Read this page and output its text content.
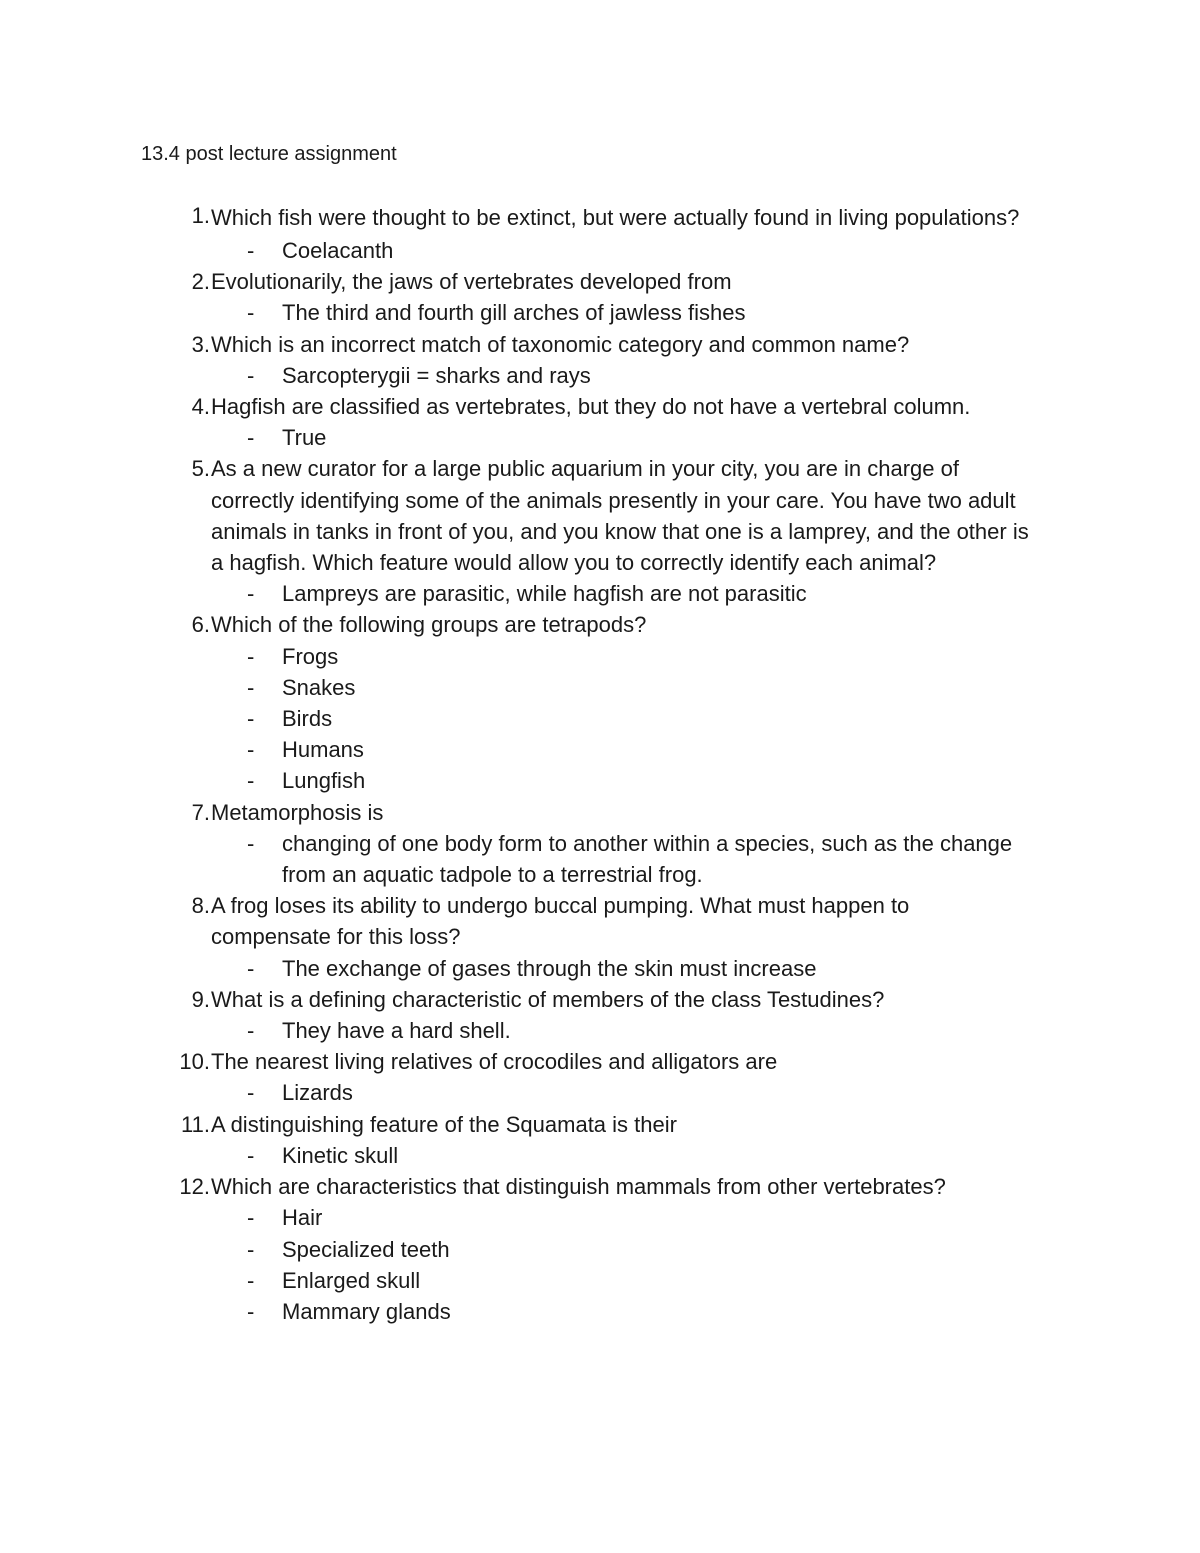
13.4 post lecture assignment
1. Which fish were thought to be extinct, but were actually found in living populations?
- Coelacanth
2. Evolutionarily, the jaws of vertebrates developed from
- The third and fourth gill arches of jawless fishes
3. Which is an incorrect match of taxonomic category and common name?
- Sarcopterygii = sharks and rays
4. Hagfish are classified as vertebrates, but they do not have a vertebral column.
- True
5. As a new curator for a large public aquarium in your city, you are in charge of correctly identifying some of the animals presently in your care. You have two adult animals in tanks in front of you, and you know that one is a lamprey, and the other is a hagfish. Which feature would allow you to correctly identify each animal?
- Lampreys are parasitic, while hagfish are not parasitic
6. Which of the following groups are tetrapods?
- Frogs
- Snakes
- Birds
- Humans
- Lungfish
7. Metamorphosis is
- changing of one body form to another within a species, such as the change from an aquatic tadpole to a terrestrial frog.
8. A frog loses its ability to undergo buccal pumping. What must happen to compensate for this loss?
- The exchange of gases through the skin must increase
9. What is a defining characteristic of members of the class Testudines?
- They have a hard shell.
10. The nearest living relatives of crocodiles and alligators are
- Lizards
11. A distinguishing feature of the Squamata is their
- Kinetic skull
12. Which are characteristics that distinguish mammals from other vertebrates?
- Hair
- Specialized teeth
- Enlarged skull
- Mammary glands
